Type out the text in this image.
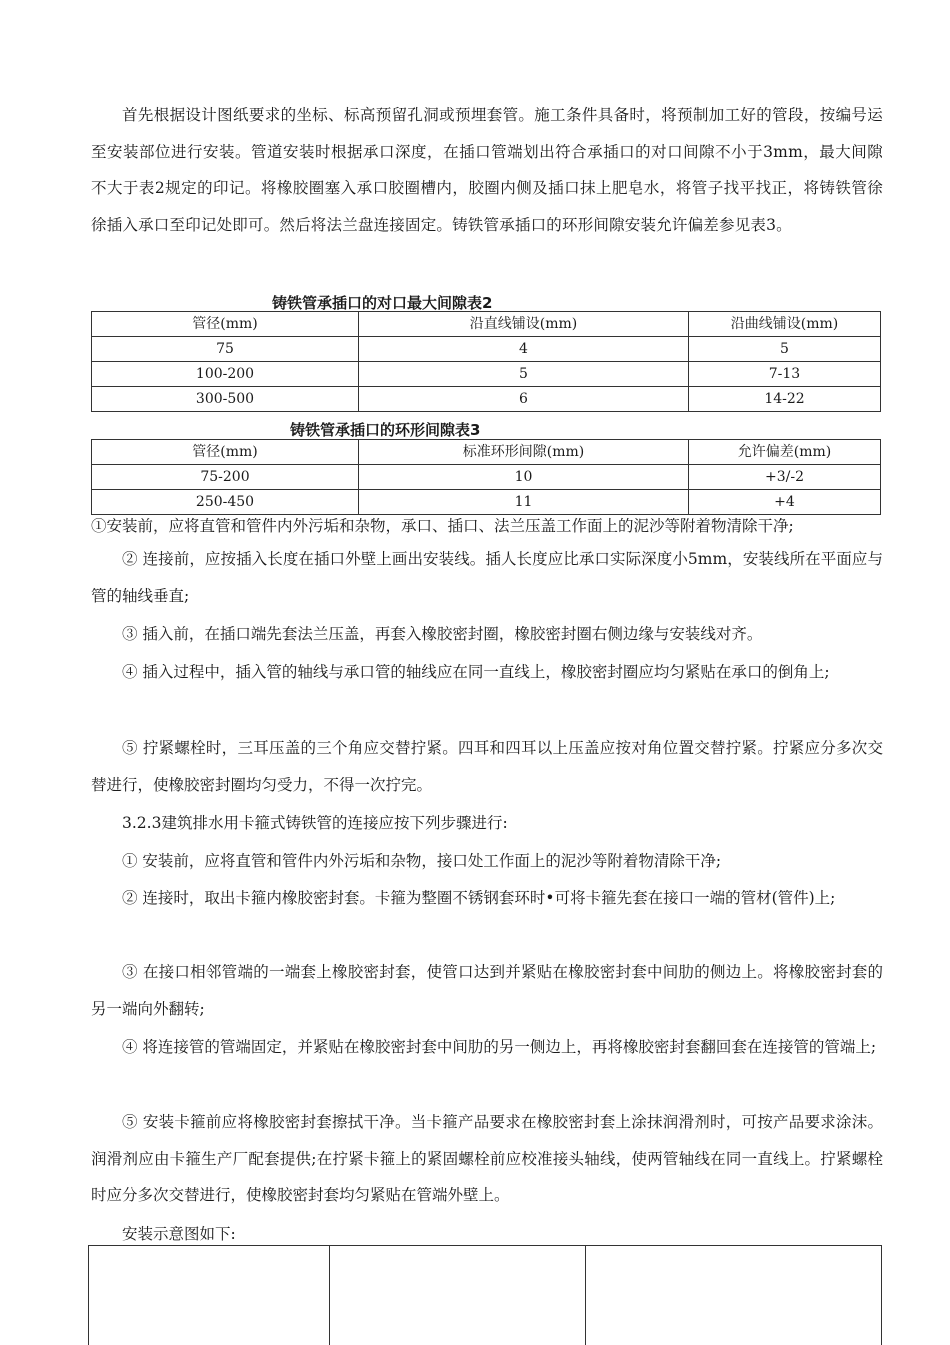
首先根据设计图纸要求的坐标、标高预留孔洞或预埋套管。施工条件具备时，将预制加工好的管段，按编号运至安装部位进行安装。管道安装时根据承口深度，在插口管端划出符合承插口的对口间隙不小于3mm，最大间隙不大于表2规定的印记。将橡胶圈塞入承口胶圈槽内，胶圈内侧及插口抹上肥皂水，将管子找平找正，将铸铁管徐徐插入承口至印记处即可。然后将法兰盘连接固定。铸铁管承插口的环形间隙安装允许偏差参见表3。

铸铁管承插口的对口最大间隙表2

管径(mm)	沿直线铺设(mm)	沿曲线铺设(mm)
75	4	5
100-200	5	7-13
300-500	6	14-22

铸铁管承插口的环形间隙表3

管径(mm)	标准环形间隙(mm)	允许偏差(mm)
75-200	10	+3/-2
250-450	11	+4

①安装前，应将直管和管件内外污垢和杂物，承口、插口、法兰压盖工作面上的泥沙等附着物清除干净;

② 连接前，应按插入长度在插口外壁上画出安装线。插人长度应比承口实际深度小5mm，安装线所在平面应与管的轴线垂直;

③ 插入前，在插口端先套法兰压盖，再套入橡胶密封圈，橡胶密封圈右侧边缘与安装线对齐。

④ 插入过程中，插入管的轴线与承口管的轴线应在同一直线上，橡胶密封圈应均匀紧贴在承口的倒角上;

⑤ 拧紧螺栓时，三耳压盖的三个角应交替拧紧。四耳和四耳以上压盖应按对角位置交替拧紧。拧紧应分多次交替进行，使橡胶密封圈均匀受力，不得一次拧完。

3.2.3建筑排水用卡箍式铸铁管的连接应按下列步骤进行:

① 安装前，应将直管和管件内外污垢和杂物，接口处工作面上的泥沙等附着物清除干净;

② 连接时，取出卡箍内橡胶密封套。卡箍为整圈不锈钢套环时•可将卡箍先套在接口一端的管材(管件)上;

③ 在接口相邻管端的一端套上橡胶密封套，使管口达到并紧贴在橡胶密封套中间肋的侧边上。将橡胶密封套的另一端向外翻转;

④ 将连接管的管端固定，并紧贴在橡胶密封套中间肋的另一侧边上，再将橡胶密封套翻回套在连接管的管端上;

⑤ 安装卡箍前应将橡胶密封套擦拭干净。当卡箍产品要求在橡胶密封套上涂抹润滑剂时，可按产品要求涂沫。润滑剂应由卡箍生产厂配套提供;在拧紧卡箍上的紧固螺栓前应校准接头轴线，使两管轴线在同一直线上。拧紧螺栓时应分多次交替进行，使橡胶密封套均匀紧贴在管端外壁上。

安装示意图如下:
